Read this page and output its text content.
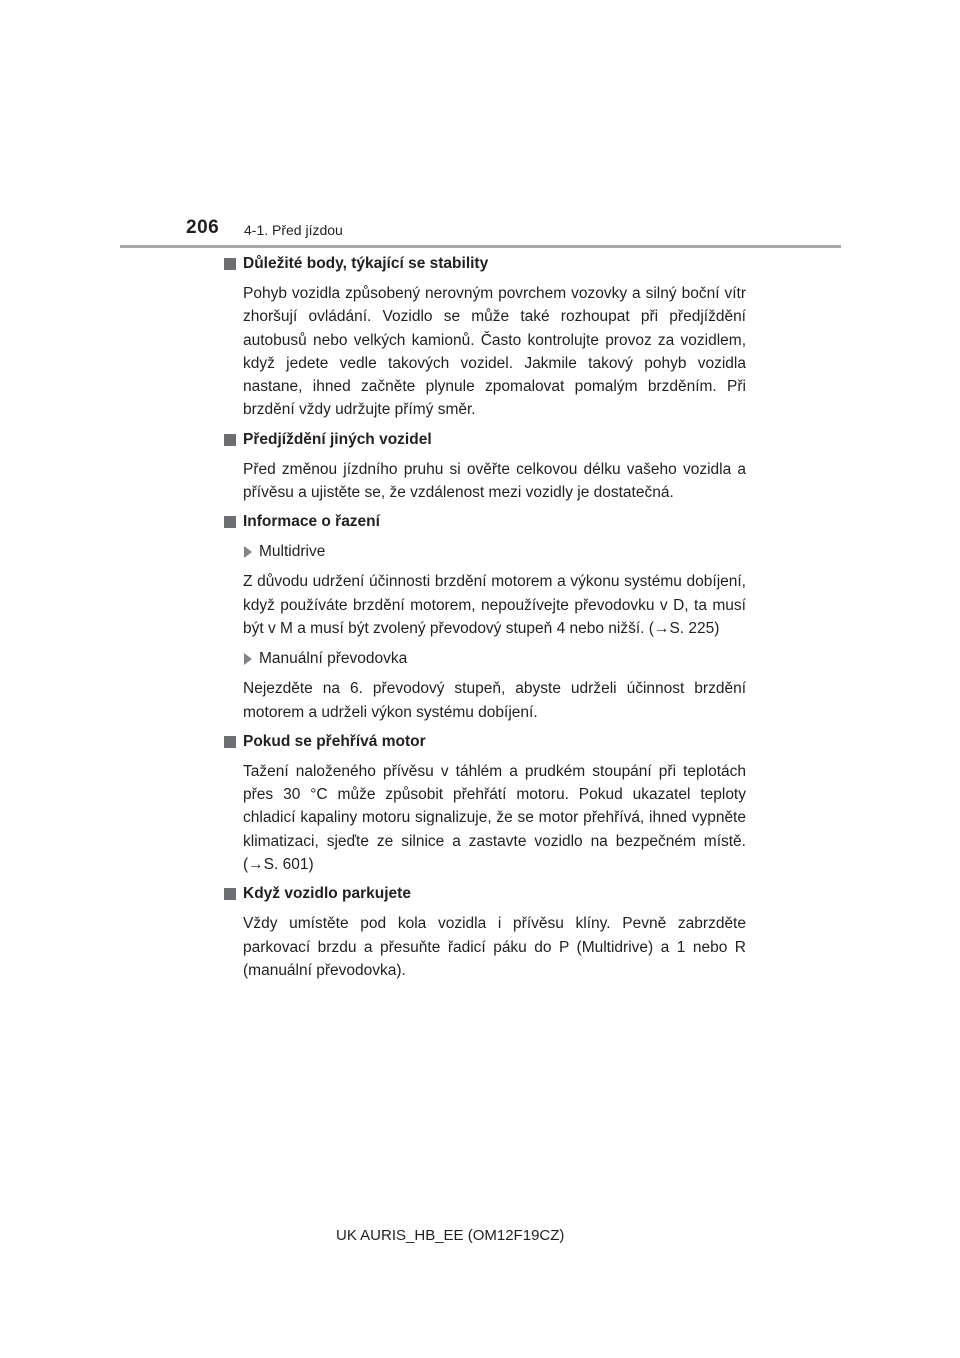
206 4-1. Před jízdou
Důležité body, týkající se stability

Pohyb vozidla způsobený nerovným povrchem vozovky a silný boční vítr zhoršují ovládání. Vozidlo se může také rozhoupat při předjíždění autobusů nebo velkých kamionů. Často kontrolujte provoz za vozidlem, když jedete vedle takových vozidel. Jakmile takový pohyb vozidla nastane, ihned začněte plynule zpomalovat pomalým brzděním. Při brzdění vždy udržujte přímý směr.

Předjíždění jiných vozidel

Před změnou jízdního pruhu si ověřte celkovou délku vašeho vozidla a přívěsu a ujistěte se, že vzdálenost mezi vozidly je dostatečná.

Informace o řazení
Multidrive

Z důvodu udržení účinnosti brzdění motorem a výkonu systému dobíjení, když používáte brzdění motorem, nepoužívejte převodovku v D, ta musí být v M a musí být zvolený převodový stupeň 4 nebo nižší. (→S. 225)

Manuální převodovka

Nejezděte na 6. převodový stupeň, abyste udrželi účinnost brzdění motorem a udrželi výkon systému dobíjení.

Pokud se přehřívá motor

Tažení naloženého přívěsu v táhlém a prudkém stoupání při teplotách přes 30 °C může způsobit přehřátí motoru. Pokud ukazatel teploty chladicí kapaliny motoru signalizuje, že se motor přehřívá, ihned vypněte klimatizaci, sjeďte ze silnice a zastavte vozidlo na bezpečném místě. (→S. 601)

Když vozidlo parkujete

Vždy umístěte pod kola vozidla i přívěsu klíny. Pevně zabrzděte parkovací brzdu a přesuňte řadicí páku do P (Multidrive) a 1 nebo R (manuální převodovka).

UK AURIS_HB_EE (OM12F19CZ)
